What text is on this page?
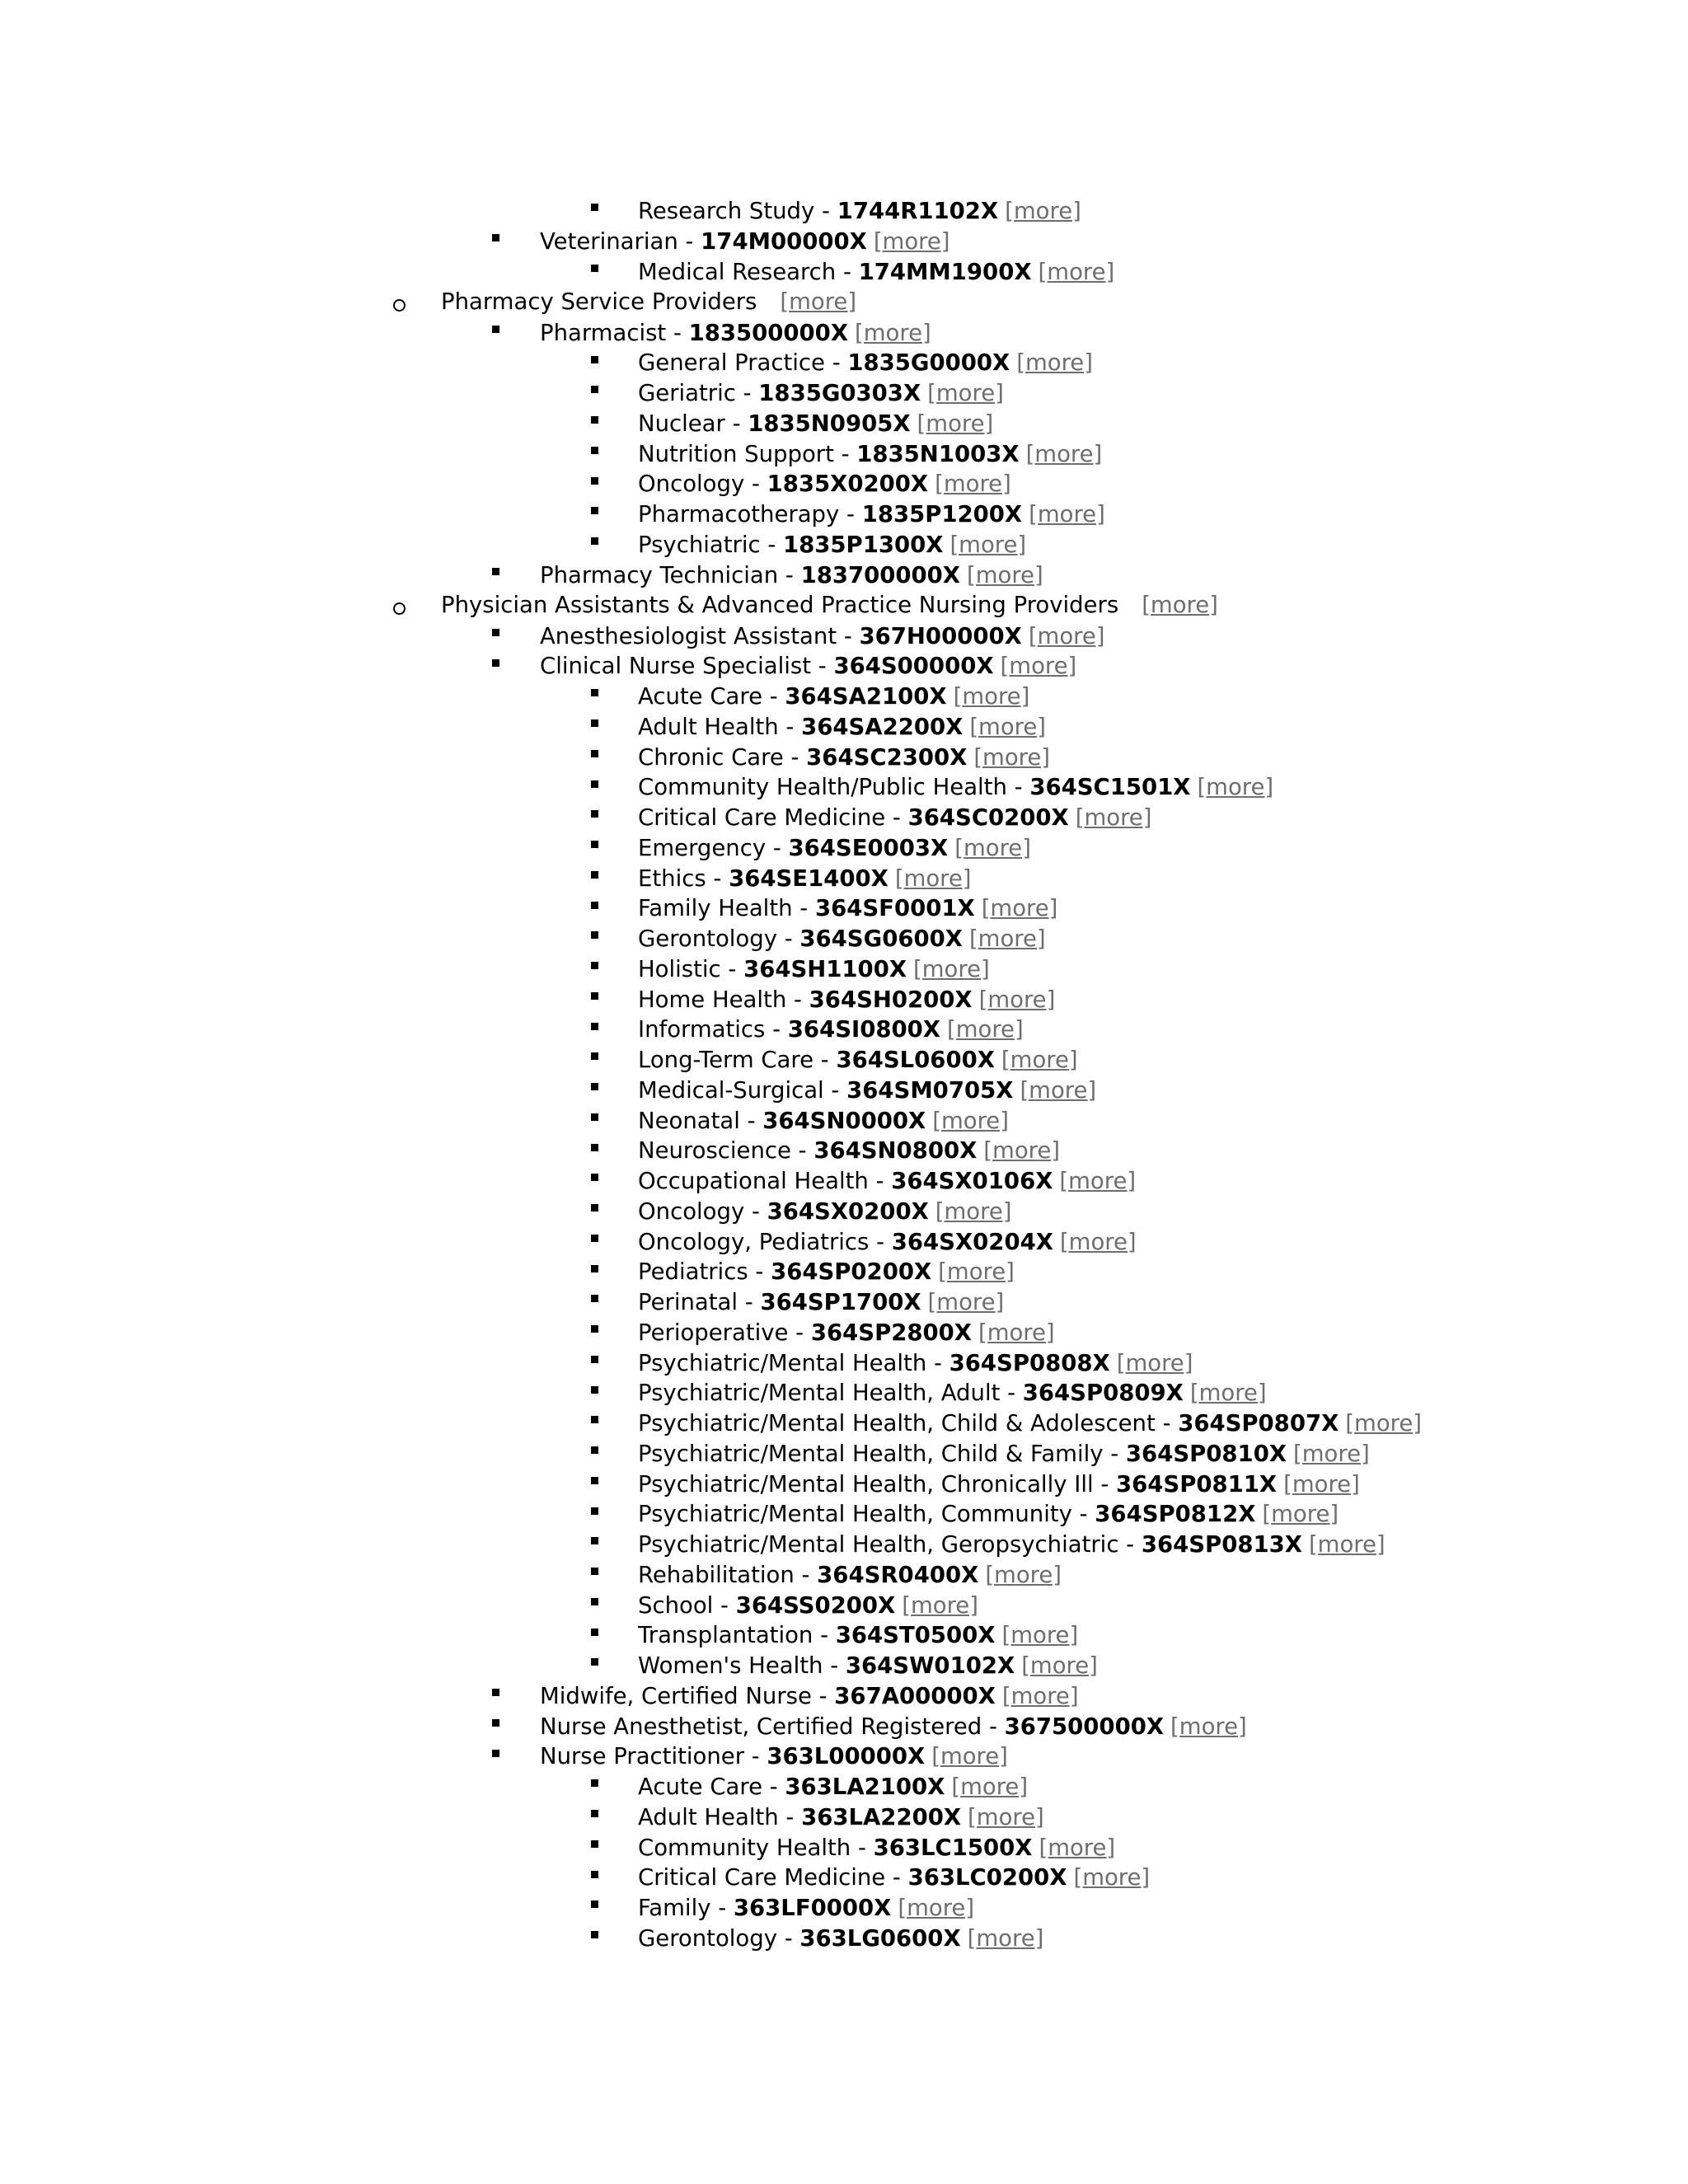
Research Study - 1744R1102X [more]
Veterinarian - 174M00000X [more]
Medical Research - 174MM1900X [more]
Pharmacy Service Providers [more]
Pharmacist - 183500000X [more]
General Practice - 1835G0000X [more]
Geriatric - 1835G0303X [more]
Nuclear - 1835N0905X [more]
Nutrition Support - 1835N1003X [more]
Oncology - 1835X0200X [more]
Pharmacotherapy - 1835P1200X [more]
Psychiatric - 1835P1300X [more]
Pharmacy Technician - 183700000X [more]
Physician Assistants & Advanced Practice Nursing Providers [more]
Anesthesiologist Assistant - 367H00000X [more]
Clinical Nurse Specialist - 364S00000X [more]
Acute Care - 364SA2100X [more]
Adult Health - 364SA2200X [more]
Chronic Care - 364SC2300X [more]
Community Health/Public Health - 364SC1501X [more]
Critical Care Medicine - 364SC0200X [more]
Emergency - 364SE0003X [more]
Ethics - 364SE1400X [more]
Family Health - 364SF0001X [more]
Gerontology - 364SG0600X [more]
Holistic - 364SH1100X [more]
Home Health - 364SH0200X [more]
Informatics - 364SI0800X [more]
Long-Term Care - 364SL0600X [more]
Medical-Surgical - 364SM0705X [more]
Neonatal - 364SN0000X [more]
Neuroscience - 364SN0800X [more]
Occupational Health - 364SX0106X [more]
Oncology - 364SX0200X [more]
Oncology, Pediatrics - 364SX0204X [more]
Pediatrics - 364SP0200X [more]
Perinatal - 364SP1700X [more]
Perioperative - 364SP2800X [more]
Psychiatric/Mental Health - 364SP0808X [more]
Psychiatric/Mental Health, Adult - 364SP0809X [more]
Psychiatric/Mental Health, Child & Adolescent - 364SP0807X [more]
Psychiatric/Mental Health, Child & Family - 364SP0810X [more]
Psychiatric/Mental Health, Chronically Ill - 364SP0811X [more]
Psychiatric/Mental Health, Community - 364SP0812X [more]
Psychiatric/Mental Health, Geropsychiatric - 364SP0813X [more]
Rehabilitation - 364SR0400X [more]
School - 364SS0200X [more]
Transplantation - 364ST0500X [more]
Women's Health - 364SW0102X [more]
Midwife, Certified Nurse - 367A00000X [more]
Nurse Anesthetist, Certified Registered - 367500000X [more]
Nurse Practitioner - 363L00000X [more]
Acute Care - 363LA2100X [more]
Adult Health - 363LA2200X [more]
Community Health - 363LC1500X [more]
Critical Care Medicine - 363LC0200X [more]
Family - 363LF0000X [more]
Gerontology - 363LG0600X [more]
